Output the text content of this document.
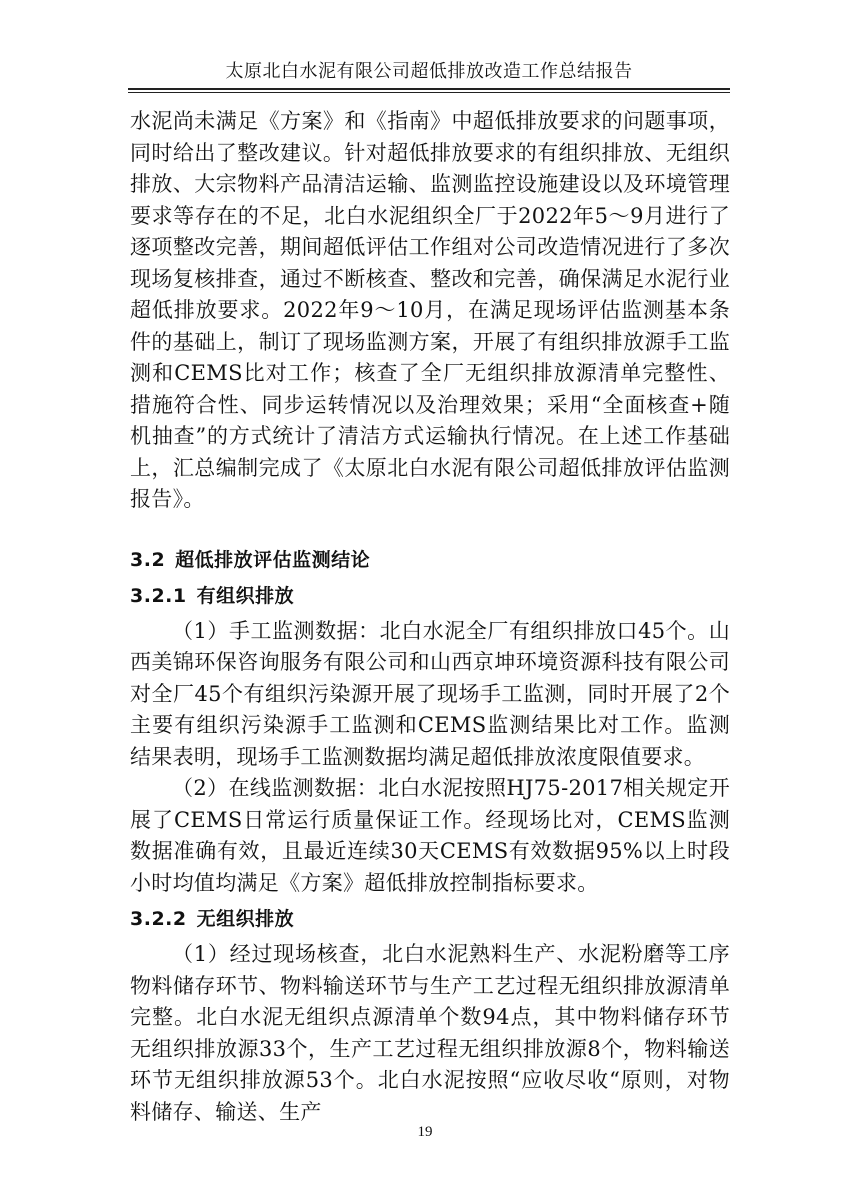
太原北白水泥有限公司超低排放改造工作总结报告

水泥尚未满足《方案》和《指南》中超低排放要求的问题事项，同时给出了整改建议。针对超低排放要求的有组织排放、无组织排放、大宗物料产品清洁运输、监测监控设施建设以及环境管理要求等存在的不足，北白水泥组织全厂于2022年5～9月进行了逐项整改完善，期间超低评估工作组对公司改造情况进行了多次现场复核排查，通过不断核查、整改和完善，确保满足水泥行业超低排放要求。2022年9～10月，在满足现场评估监测基本条件的基础上，制订了现场监测方案，开展了有组织排放源手工监测和CEMS比对工作；核查了全厂无组织排放源清单完整性、措施符合性、同步运转情况以及治理效果；采用“全面核查+随机抽查”的方式统计了清洁方式运输执行情况。在上述工作基础上，汇总编制完成了《太原北白水泥有限公司超低排放评估监测报告》。

3.2 超低排放评估监测结论
3.2.1 有组织排放

（1）手工监测数据：北白水泥全厂有组织排放口45个。山西美锦环保咨询服务有限公司和山西京坤环境资源科技有限公司对全厂45个有组织污染源开展了现场手工监测，同时开展了2个主要有组织污染源手工监测和CEMS监测结果比对工作。监测结果表明，现场手工监测数据均满足超低排放浓度限值要求。

（2）在线监测数据：北白水泥按照HJ75-2017相关规定开展了CEMS日常运行质量保证工作。经现场比对，CEMS监测数据准确有效，且最近连续30天CEMS有效数据95%以上时段小时均值均满足《方案》超低排放控制指标要求。

3.2.2 无组织排放

（1）经过现场核查，北白水泥熟料生产、水泥粉磨等工序物料储存环节、物料输送环节与生产工艺过程无组织排放源清单完整。北白水泥无组织点源清单个数94点，其中物料储存环节无组织排放源33个，生产工艺过程无组织排放源8个，物料输送环节无组织排放源53个。北白水泥按照“应收尽收“原则，对物料储存、输送、生产

19
